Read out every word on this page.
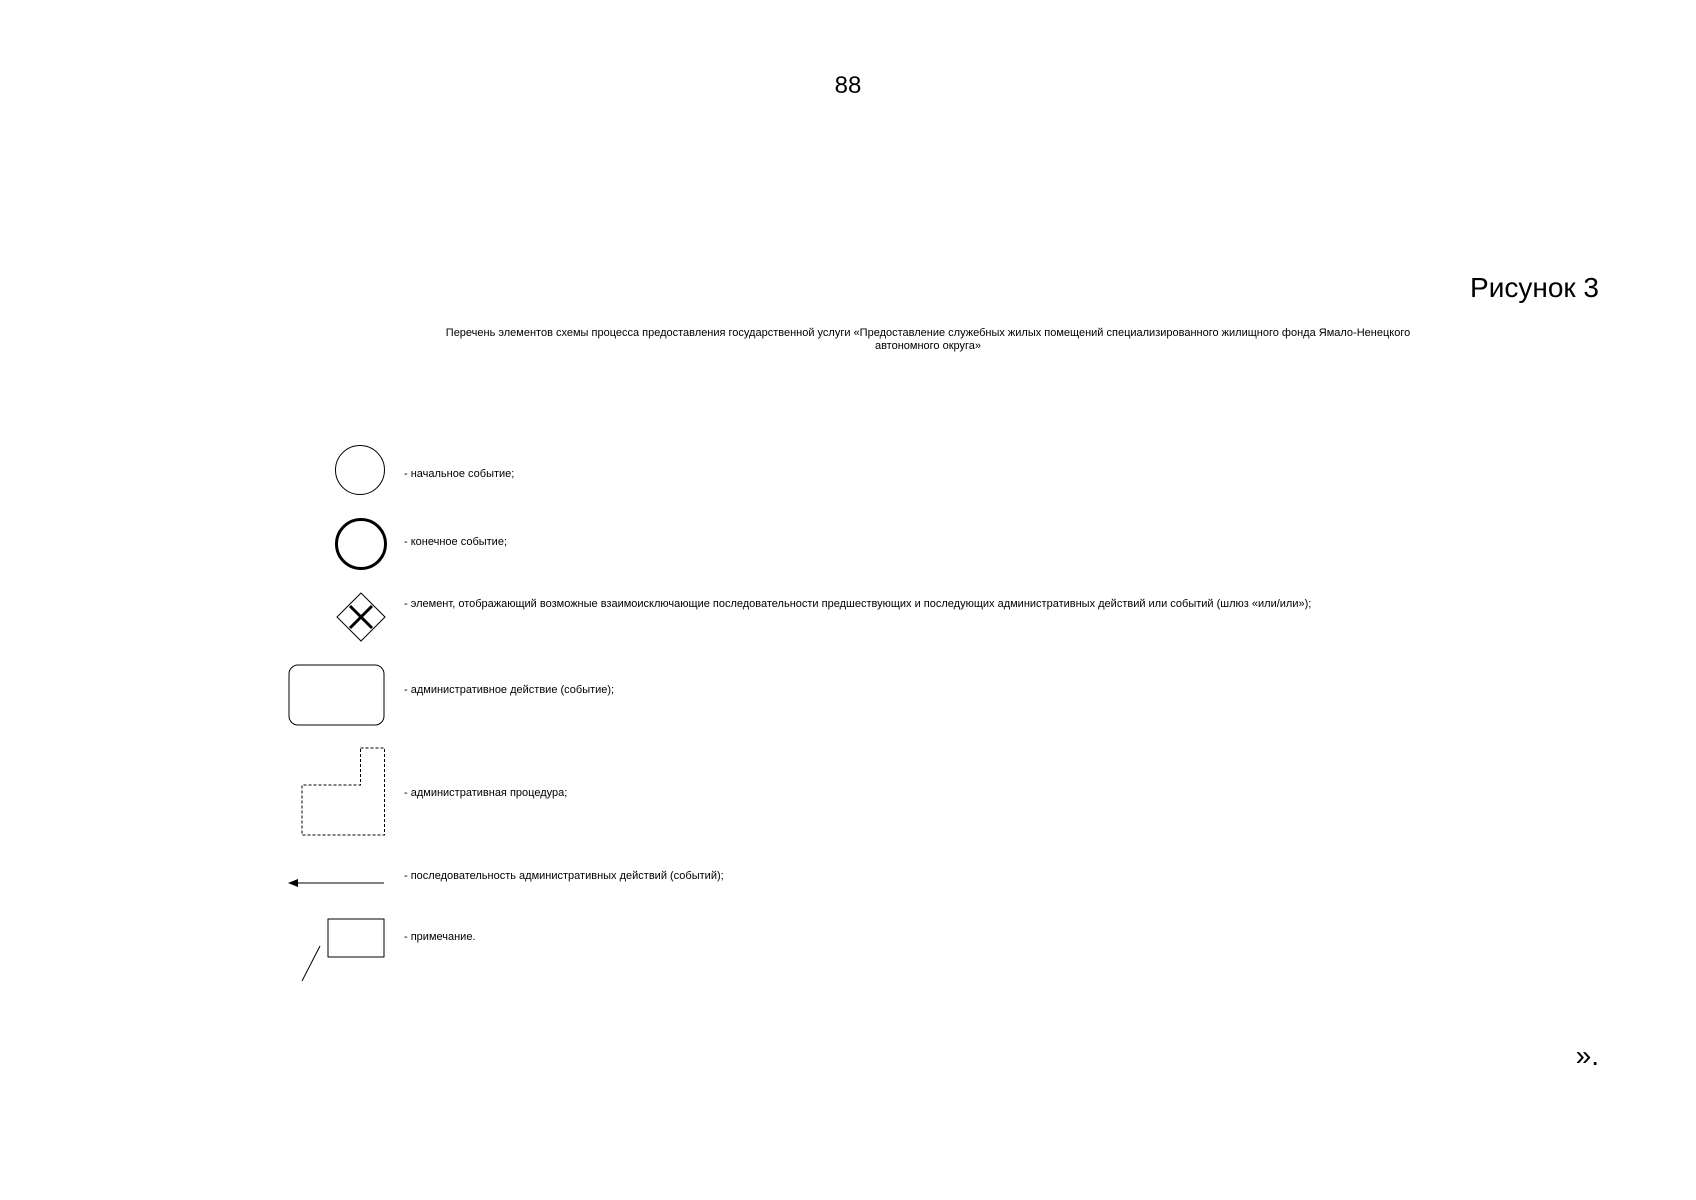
88
Рисунок 3
Перечень элементов схемы процесса предоставления государственной услуги «Предоставление служебных жилых помещений специализированного жилищного фонда Ямало-Ненецкого автономного округа»
- начальное событие;
- конечное событие;
- элемент, отображающий возможные взаимоисключающие последовательности предшествующих и последующих административных действий или событий (шлюз «или/или»);
- административное действие (событие);
- административная процедура;
- последовательность административных действий (событий);
- примечание.
».
